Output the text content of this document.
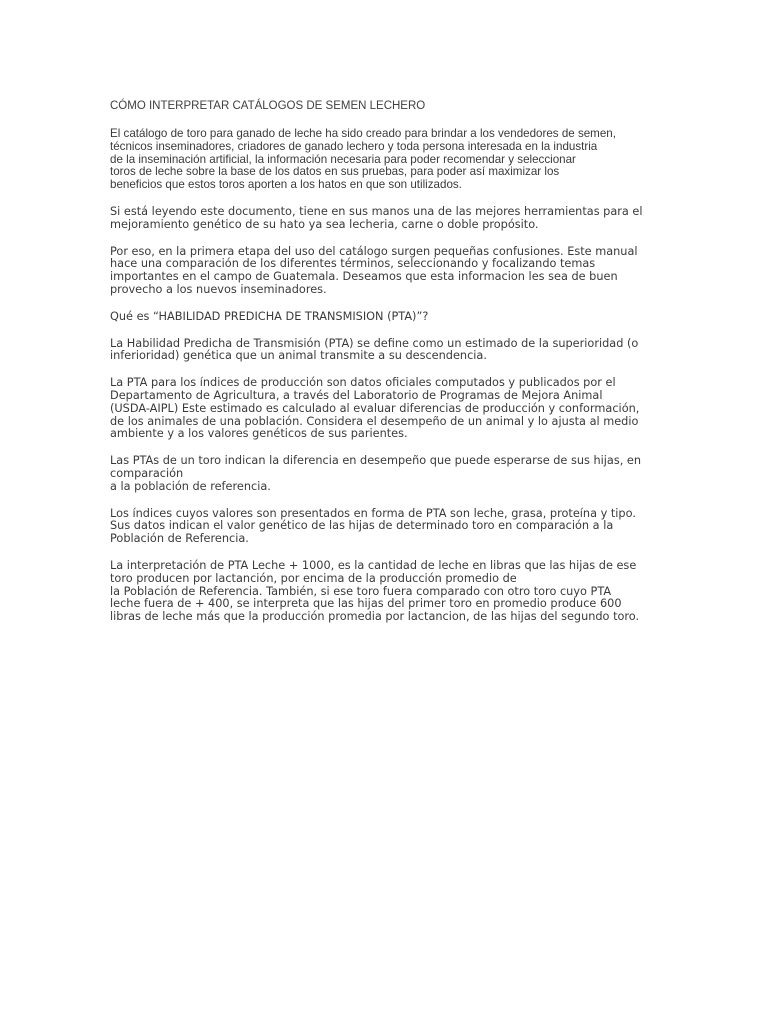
CÓMO INTERPRETAR CATÁLOGOS DE SEMEN LECHERO

El catálogo de toro para ganado de leche ha sido creado para brindar a los vendedores de semen,
técnicos inseminadores, criadores de ganado lechero y toda persona interesada en la industria
de la inseminación artificial, la información necesaria para poder recomendar y seleccionar
toros de leche sobre la base de los datos en sus pruebas, para poder así maximizar los
beneficios que estos toros aporten a los hatos en que son utilizados.

Si está leyendo este documento, tiene en sus manos una de las mejores herramientas para el
mejoramiento genético de su hato ya sea lecheria, carne o doble propósito.

Por eso, en la primera etapa del uso del catálogo surgen pequeñas confusiones. Este manual
hace una comparación de los diferentes términos, seleccionando y focalizando temas
importantes en el campo de Guatemala. Deseamos que esta informacion les sea de buen
provecho a los nuevos inseminadores.

Qué es “HABILIDAD PREDICHA DE TRANSMISION (PTA)”?

La Habilidad Predicha de Transmisión (PTA) se define como un estimado de la superioridad (o
inferioridad) genética que un animal transmite a su descendencia.

La PTA para los índices de producción son datos oficiales computados y publicados por el
Departamento de Agricultura, a través del Laboratorio de Programas de Mejora Animal
(USDA-AIPL) Este estimado es calculado al evaluar diferencias de producción y conformación,
de los animales de una población. Considera el desempeño de un animal y lo ajusta al medio
ambiente y a los valores genéticos de sus parientes.

Las PTAs de un toro indican la diferencia en desempeño que puede esperarse de sus hijas, en
comparación
a la población de referencia.

Los índices cuyos valores son presentados en forma de PTA son leche, grasa, proteína y tipo.
Sus datos indican el valor genético de las hijas de determinado toro en comparación a la
Población de Referencia.

La interpretación de PTA Leche + 1000, es la cantidad de leche en libras que las hijas de ese
toro producen por lactanción, por encima de la producción promedio de
la Población de Referencia. También, si ese toro fuera comparado con otro toro cuyo PTA
leche fuera de + 400, se interpreta que las hijas del primer toro en promedio produce 600
libras de leche más que la producción promedia por lactancion, de las hijas del segundo toro.
